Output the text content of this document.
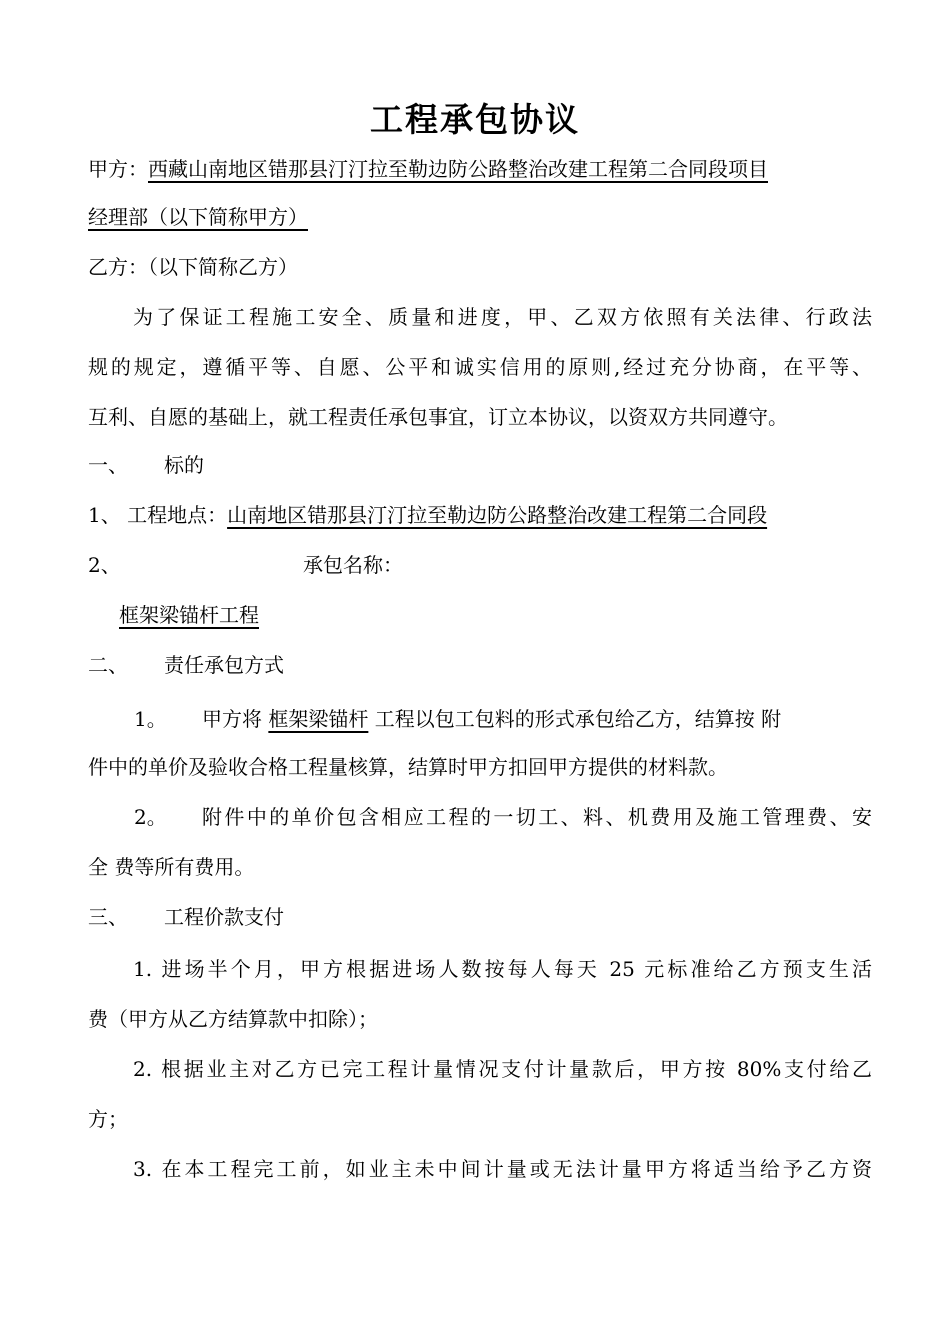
工程承包协议
甲方：西藏山南地区错那县汀汀拉至勒边防公路整治改建工程第二合同段项目
经理部（以下简称甲方）
乙方：（以下简称乙方）
为了保证工程施工安全、质量和进度，甲、乙双方依照有关法律、行政法
规的规定，遵循平等、自愿、公平和诚实信用的原则,经过充分协商，在平等、
互利、自愿的基础上，就工程责任承包事宜，订立本协议，以资双方共同遵守。
一、 标的
1、 工程地点：山南地区错那县汀汀拉至勒边防公路整治改建工程第二合同段
2、	承包名称：
框架梁锚杆工程
二、 责任承包方式
1。 甲方将 框架梁锚杆 工程以包工包料的形式承包给乙方，结算按 附
件中的单价及验收合格工程量核算，结算时甲方扣回甲方提供的材料款。
2。 附件中的单价包含相应工程的一切工、料、机费用及施工管理费、安
全 费等所有费用。
三、 工程价款支付
1. 进场半个月，甲方根据进场人数按每人每天 25 元标准给乙方预支生活
费（甲方从乙方结算款中扣除）；
2. 根据业主对乙方已完工程计量情况支付计量款后，甲方按 80%支付给乙
方；
3. 在本工程完工前，如业主未中间计量或无法计量甲方将适当给予乙方资
